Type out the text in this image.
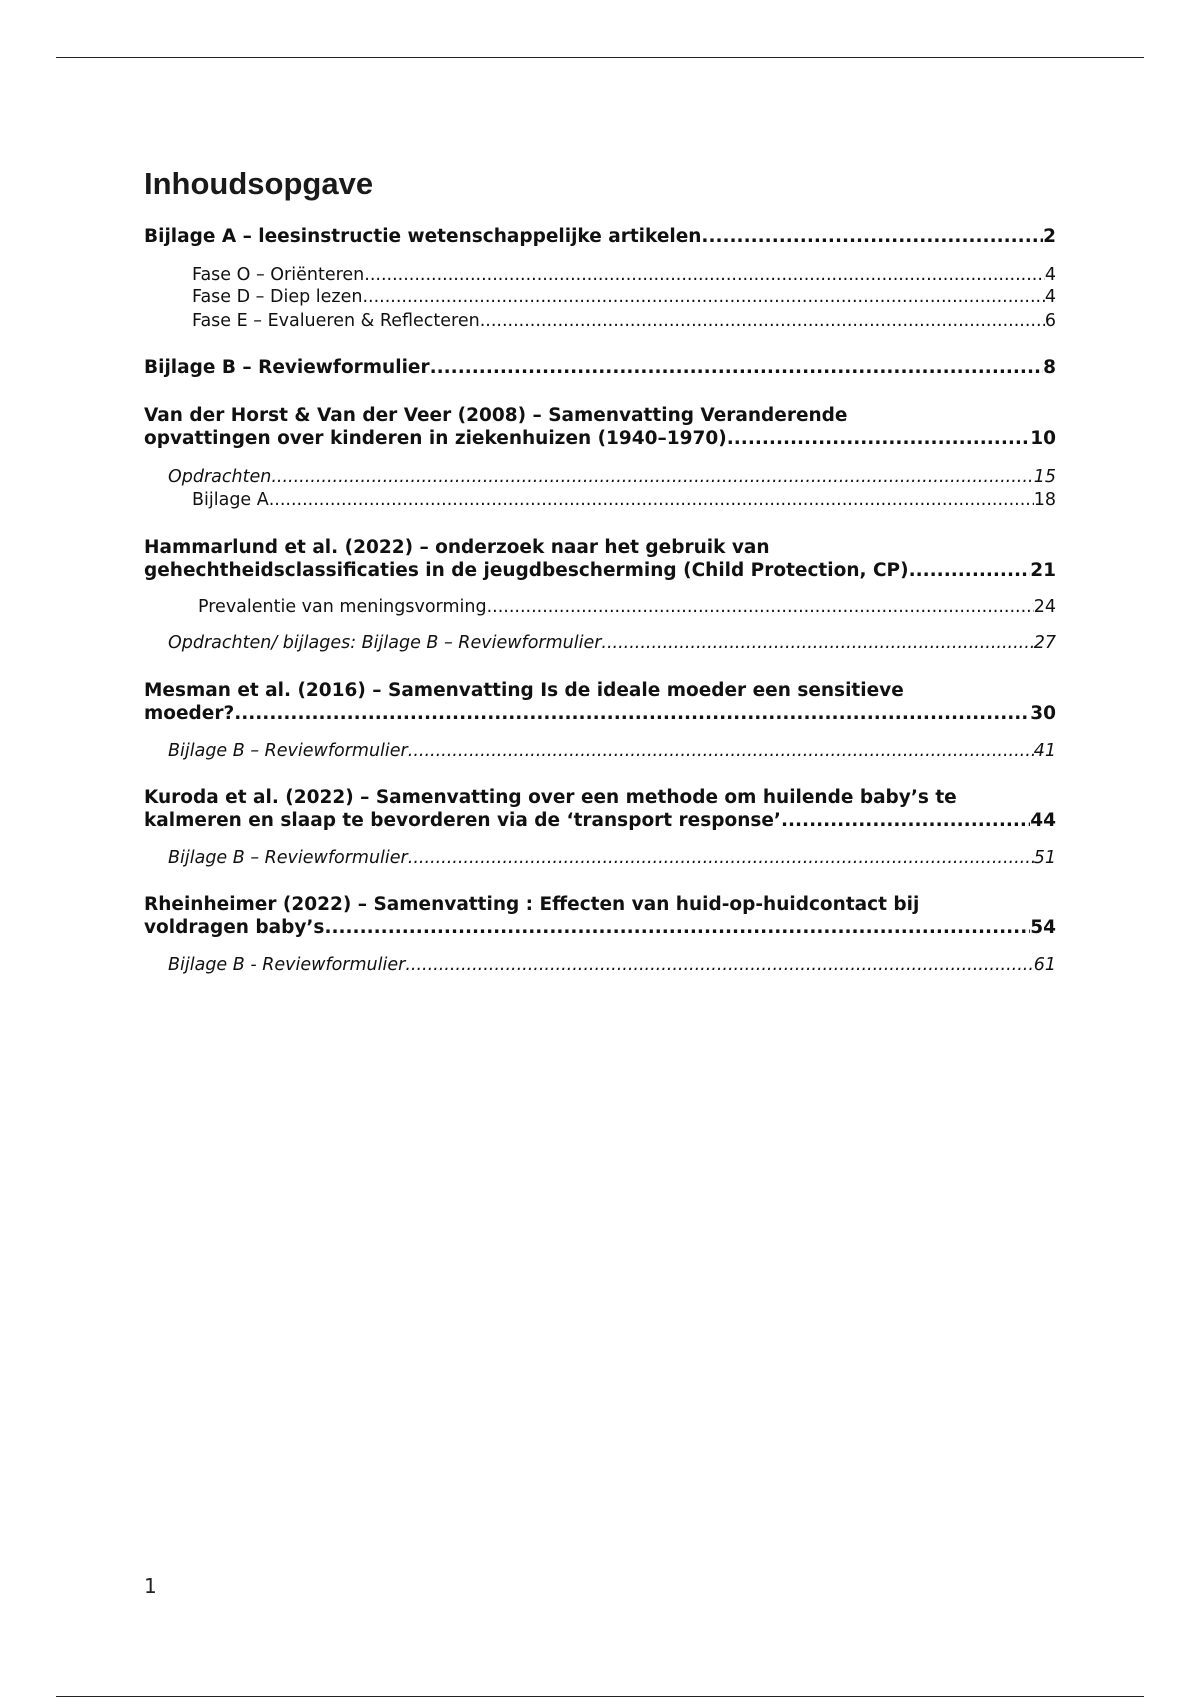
Inhoudsopgave
Bijlage A – leesinstructie wetenschappelijke artikelen .....	2
Fase O – Oriënteren .....	4
Fase D – Diep lezen .....	4
Fase E – Evalueren & Reflecteren .....	6
Bijlage B – Reviewformulier .....	8
Van der Horst & Van der Veer (2008) – Samenvatting Veranderende
opvattingen over kinderen in ziekenhuizen (1940–1970) .....	10
Opdrachten .....	15
Bijlage A .....	18
Hammarlund et al. (2022) – onderzoek naar het gebruik van
gehechtheidsclassificaties in de jeugdbescherming (Child Protection, CP) .....	21
Prevalentie van meningsvorming .....	24
Opdrachten/ bijlages: Bijlage B – Reviewformulier .....	27
Mesman et al. (2016) – Samenvatting Is de ideale moeder een sensitieve
moeder? .....	30
Bijlage B – Reviewformulier .....	41
Kuroda et al. (2022) – Samenvatting over een methode om huilende baby’s te
kalmeren en slaap te bevorderen via de ‘transport response’ .....	44
Bijlage B – Reviewformulier .....	51
Rheinheimer (2022) – Samenvatting : Effecten van huid-op-huidcontact bij
voldragen baby’s .....	54
Bijlage B - Reviewformulier .....	61
1
